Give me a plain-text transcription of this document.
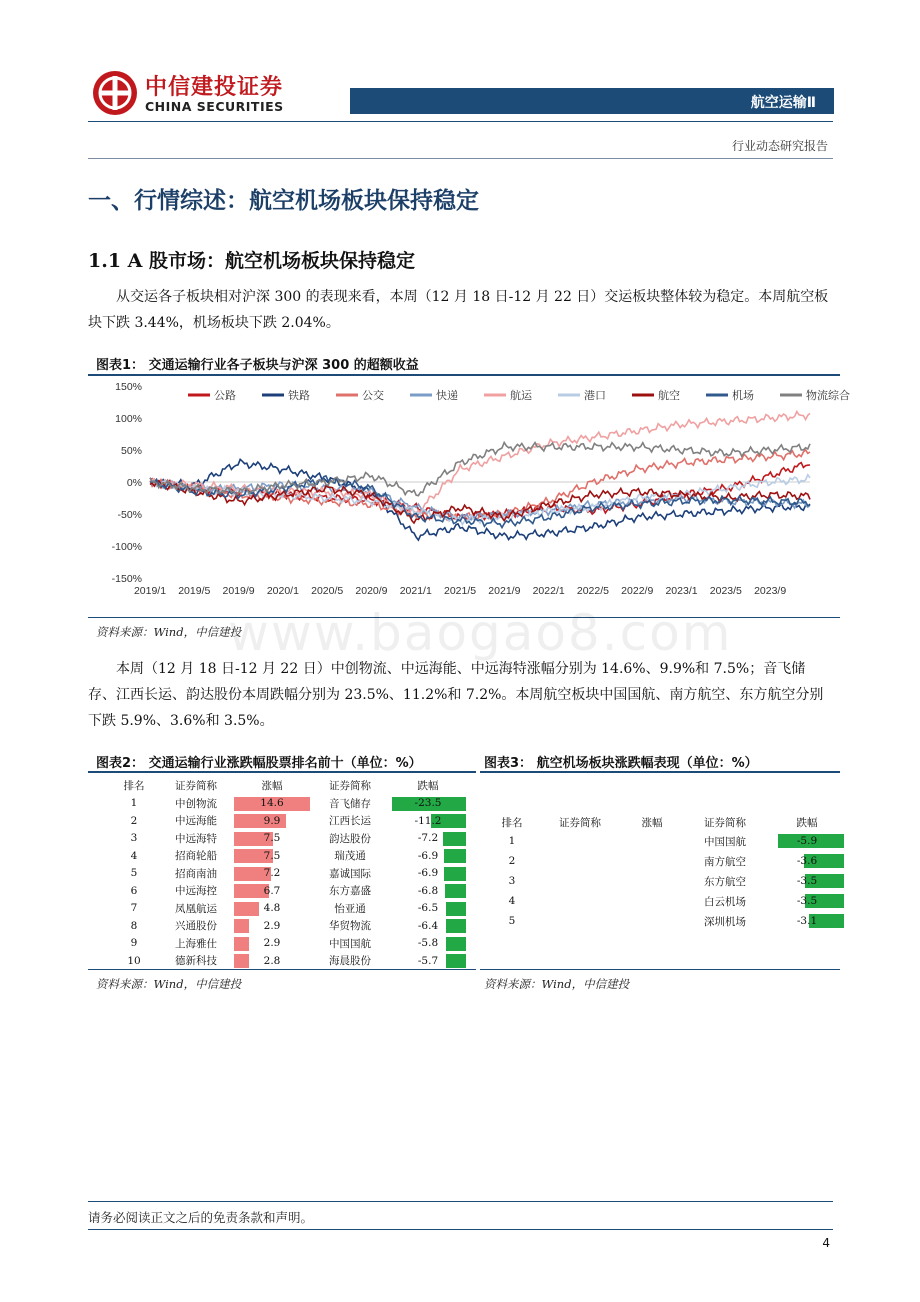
中信建投证券
CHINA SECURITIES	航空运输Ⅱ
行业动态研究报告
一、行情综述：航空机场板块保持稳定
1.1 A 股市场：航空机场板块保持稳定

从交运各子板块相对沪深 300 的表现来看，本周（12 月 18 日-12 月 22 日）交运板块整体较为稳定。本周航空板块下跌 3.44%，机场板块下跌 2.04%。

图表1： 交通运输行业各子板块与沪深 300 的超额收益
150%
100%
50%
0%
-50%
-100%
-150%
2019/1 2019/5 2019/9 2020/1 2020/5 2020/9 2021/1 2021/5 2021/9 2022/1 2022/5 2022/9 2023/1 2023/5 2023/9
公路	铁路	公交	快递	航运	港口	航空	机场	物流综合
资料来源：Wind，中信建投
www.baogao8.com

本周（12 月 18 日-12 月 22 日）中创物流、中远海能、中远海特涨幅分别为 14.6%、9.9%和 7.5%；音飞储存、江西长运、韵达股份本周跌幅分别为 23.5%、11.2%和 7.2%。本周航空板块中国国航、南方航空、东方航空分别下跌 5.9%、3.6%和 3.5%。

图表2： 交通运输行业涨跌幅股票排名前十（单位：%）
排名	证券简称	涨幅	证券简称	跌幅
1	中创物流	14.6	音飞储存	-23.5
2	中远海能	9.9	江西长运	-11.2
3	中远海特	7.5	韵达股份	-7.2
4	招商轮船	7.5	瑞茂通	-6.9
5	招商南油	7.2	嘉诚国际	-6.9
6	中远海控	6.7	东方嘉盛	-6.8
7	凤凰航运	4.8	怡亚通	-6.5
8	兴通股份	2.9	华贸物流	-6.4
9	上海雅仕	2.9	中国国航	-5.8
10	德新科技	2.8	海晨股份	-5.7
资料来源：Wind，中信建投
图表3： 航空机场板块涨跌幅表现（单位：%）
排名	证券简称	涨幅	证券简称	跌幅
1			中国国航	-5.9
2			南方航空	-3.6
3			东方航空	-3.5
4			白云机场	-3.5
5			深圳机场	-3.1
资料来源：Wind，中信建投
请务必阅读正文之后的免责条款和声明。
4
